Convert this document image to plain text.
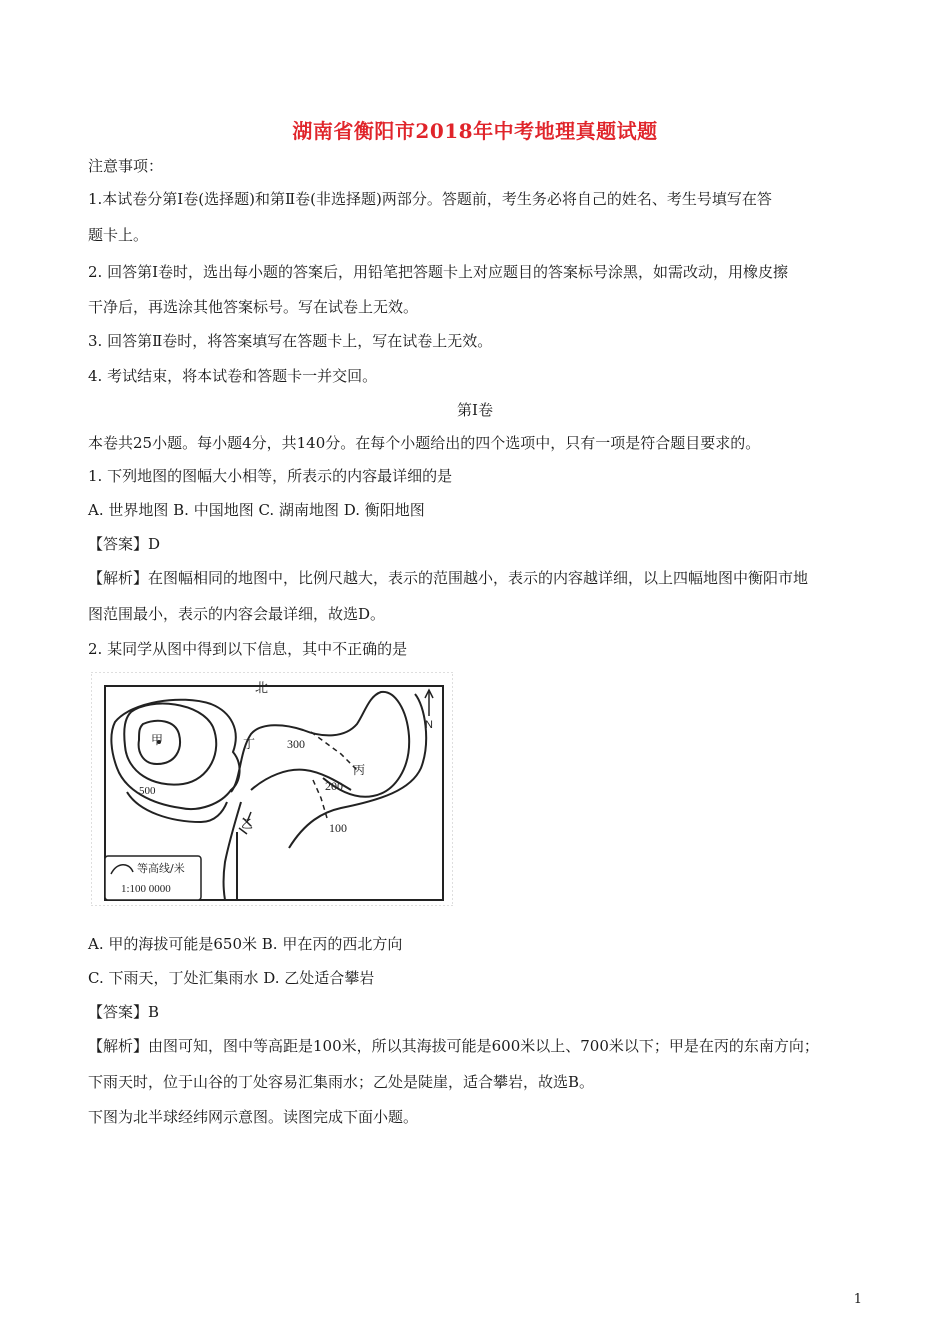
湖南省衡阳市2018年中考地理真题试题
注意事项：
1.本试卷分第Ⅰ卷(选择题)和第Ⅱ卷(非选择题)两部分。答题前，考生务必将自己的姓名、考生号填写在答
题卡上。
2. 回答第Ⅰ卷时，选出每小题的答案后，用铅笔把答题卡上对应题目的答案标号涂黑，如需改动，用橡皮擦
干净后，再选涂其他答案标号。写在试卷上无效。
3. 回答第Ⅱ卷时，将答案填写在答题卡上，写在试卷上无效。
4. 考试结束，将本试卷和答题卡一并交回。
第Ⅰ卷
本卷共25小题。每小题4分，共140分。在每个小题给出的四个选项中，只有一项是符合题目要求的。
1. 下列地图的图幅大小相等，所表示的内容最详细的是
A. 世界地图 B. 中国地图 C. 湖南地图 D. 衡阳地图
【答案】D
【解析】在图幅相同的地图中，比例尺越大，表示的范围越小，表示的内容越详细，以上四幅地图中衡阳市地
图范围最小，表示的内容会最详细，故选D。
2. 某同学从图中得到以下信息，其中不正确的是
N
北
甲	丁
丙
乙
300
200
100
500
等高线/米
1:100 0000
A. 甲的海拔可能是650米 B. 甲在丙的西北方向
C. 下雨天，丁处汇集雨水 D. 乙处适合攀岩
【答案】B
【解析】由图可知，图中等高距是100米，所以其海拔可能是600米以上、700米以下；甲是在丙的东南方向；
下雨天时，位于山谷的丁处容易汇集雨水；乙处是陡崖，适合攀岩，故选B。
下图为北半球经纬网示意图。读图完成下面小题。
1
